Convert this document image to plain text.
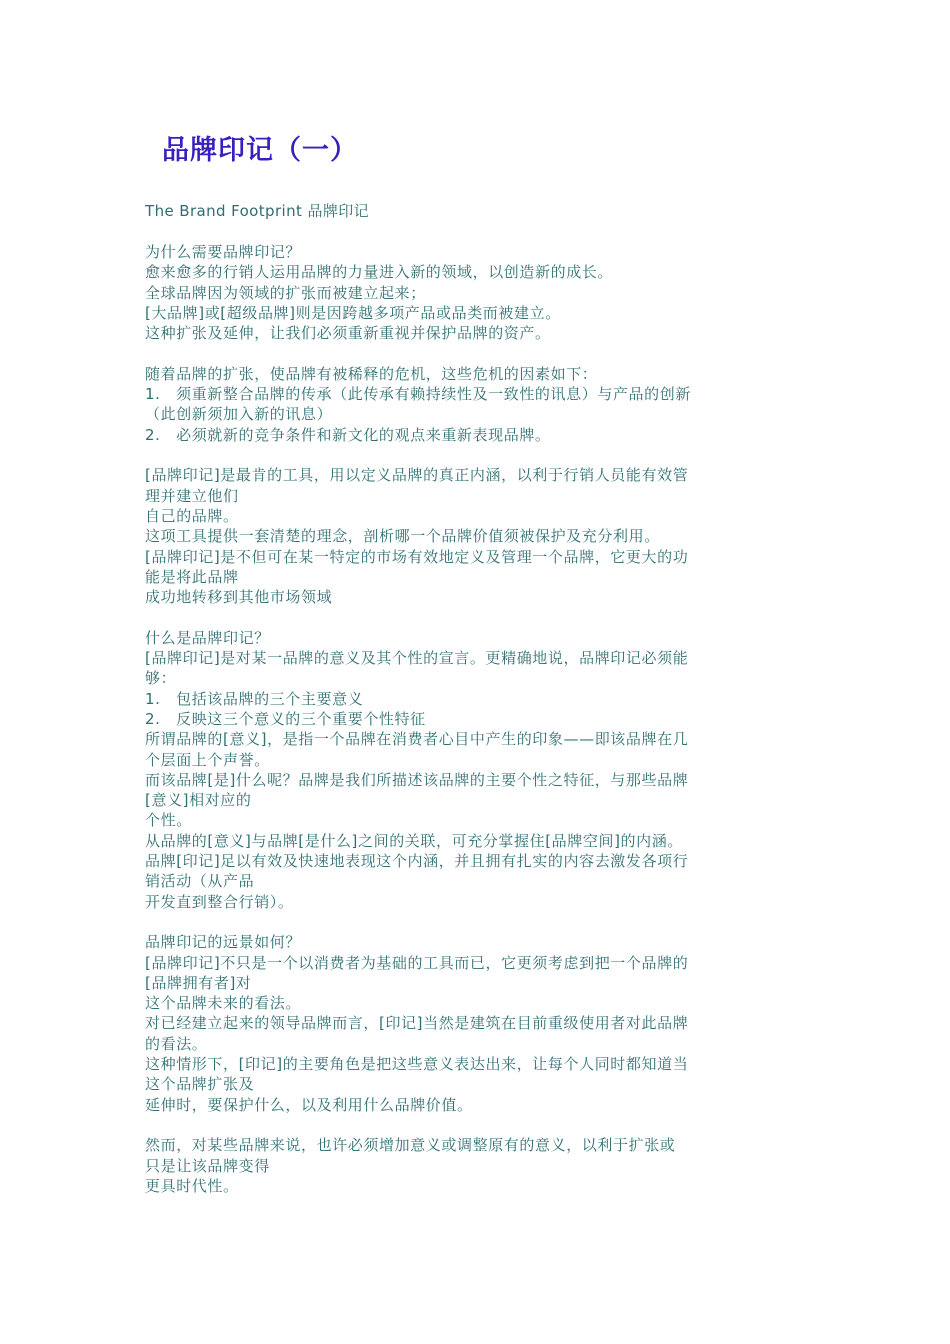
品牌印记（一）

The Brand Footprint 品牌印记

为什么需要品牌印记？

愈来愈多的行销人运用品牌的力量进入新的领域，以创造新的成长。

全球品牌因为领域的扩张而被建立起来；

[大品牌]或[超级品牌]则是因跨越多项产品或品类而被建立。

这种扩张及延伸，让我们必须重新重视并保护品牌的资产。

随着品牌的扩张，使品牌有被稀释的危机，这些危机的因素如下：

1.　须重新整合品牌的传承（此传承有赖持续性及一致性的讯息）与产品的创新

（此创新须加入新的讯息）

2.　必须就新的竞争条件和新文化的观点来重新表现品牌。

[品牌印记]是最肯的工具，用以定义品牌的真正内涵，以利于行销人员能有效管

理并建立他们

自己的品牌。

这项工具提供一套清楚的理念，剖析哪一个品牌价值须被保护及充分利用。

[品牌印记]是不但可在某一特定的市场有效地定义及管理一个品牌，它更大的功

能是将此品牌

成功地转移到其他市场领域

什么是品牌印记？

[品牌印记]是对某一品牌的意义及其个性的宣言。更精确地说，品牌印记必须能

够：

1.　包括该品牌的三个主要意义

2.　反映这三个意义的三个重要个性特征

所谓品牌的[意义]，是指一个品牌在消费者心目中产生的印象——即该品牌在几

个层面上个声誉。

而该品牌[是]什么呢？品牌是我们所描述该品牌的主要个性之特征，与那些品牌

[意义]相对应的

个性。

从品牌的[意义]与品牌[是什么]之间的关联，可充分掌握住[品牌空间]的内涵。

品牌[印记]足以有效及快速地表现这个内涵，并且拥有扎实的内容去激发各项行

销活动（从产品

开发直到整合行销）。

品牌印记的远景如何？

[品牌印记]不只是一个以消费者为基础的工具而已，它更须考虑到把一个品牌的

[品牌拥有者]对

这个品牌未来的看法。

对已经建立起来的领导品牌而言，[印记]当然是建筑在目前重级使用者对此品牌

的看法。

这种情形下，[印记]的主要角色是把这些意义表达出来，让每个人同时都知道当

这个品牌扩张及

延伸时，要保护什么，以及利用什么品牌价值。

然而，对某些品牌来说，也许必须增加意义或调整原有的意义，以利于扩张或

只是让该品牌变得

更具时代性。
